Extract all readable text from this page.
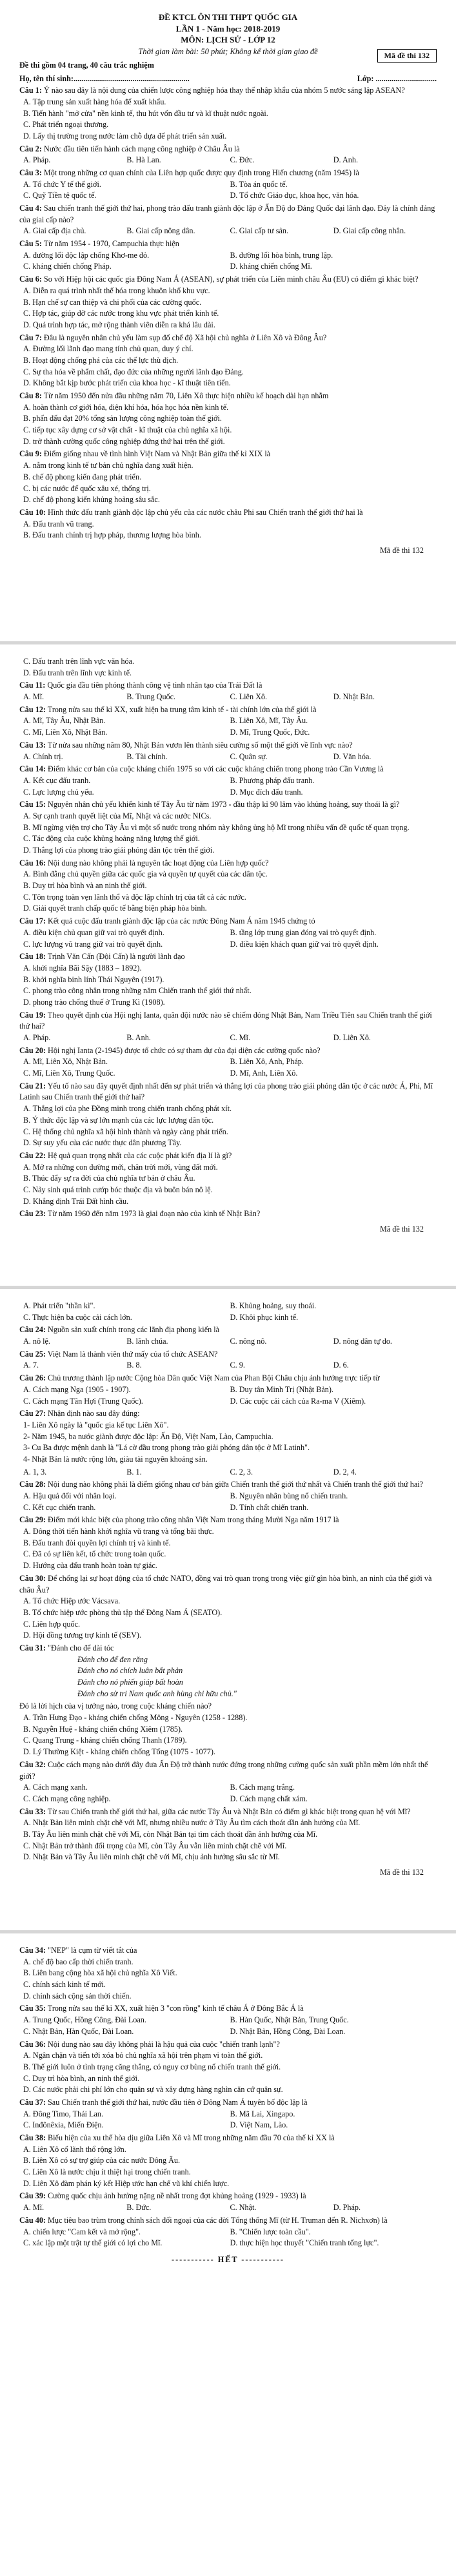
ĐỀ KTCL ÔN THI THPT QUỐC GIA
LẦN 1 - Năm học: 2018-2019
MÔN: LỊCH SỬ - LỚP 12
Thời gian làm bài: 50 phút; Không kể thời gian giao đề
Đề thi gồm 04 trang, 40 câu trắc nghiệm
Họ, tên thí sinh:...........................................................	Lớp: ...............................
Câu 1: Ý nào sau đây là nội dung của chiến lược công nghiệp hóa thay thế nhập khẩu của nhóm 5 nước sáng lập ASEAN?
A. Tập trung sản xuất hàng hóa để xuất khẩu.
B. Tiến hành "mở cửa" nền kinh tế, thu hút vốn đầu tư và kĩ thuật nước ngoài.
C. Phát triển ngoại thương.
D. Lấy thị trường trong nước làm chỗ dựa để phát triển sản xuất.
Câu 2: Nước đầu tiên tiến hành cách mạng công nghiệp ở Châu Âu là
A. Pháp.	B. Hà Lan.	C. Đức.	D. Anh.
Câu 3: Một trong những cơ quan chính của Liên hợp quốc được quy định trong Hiến chương (năm 1945) là
A. Tổ chức Y tế thế giới.	B. Tòa án quốc tế.
C. Quỹ Tiền tệ quốc tế.	D. Tổ chức Giáo dục, khoa học, văn hóa.
Câu 4: Sau chiến tranh thế giới thứ hai, phong trào đấu tranh giành độc lập ở Ấn Độ do Đảng Quốc đại lãnh đạo. Đảy là chính đảng của giai cấp nào?
A. Giai cấp địa chủ.	B. Giai cấp nông dân.	C. Giai cấp tư sản.	D. Giai cấp công nhân.
Câu 5: Từ năm 1954 - 1970, Campuchia thực hiện
A. đường lối độc lập chống Khơ-me đỏ.	B. đường lối hòa bình, trung lập.
C. kháng chiến chống Pháp.	D. kháng chiến chống Mĩ.
Câu 6: So với Hiệp hội các quốc gia Đông Nam Á (ASEAN), sự phát triển của Liên minh châu Âu (EU) có điểm gì khác biệt?
A. Diễn ra quá trình nhất thể hóa trong khuôn khổ khu vực.
B. Hạn chế sự can thiệp và chi phối của các cường quốc.
C. Hợp tác, giúp đỡ các nước trong khu vực phát triển kinh tế.
D. Quá trình hợp tác, mở rộng thành viên diễn ra khá lâu dài.
Câu 7: Đâu là nguyên nhân chủ yếu làm sụp đổ chế độ Xã hội chủ nghĩa ở Liên Xô và Đông Âu?
A. Đường lối lãnh đạo mang tính chủ quan, duy ý chí.
B. Hoạt động chống phá của các thế lực thù địch.
C. Sự tha hóa về phẩm chất, đạo đức của những người lãnh đạo Đảng.
D. Không bắt kịp bước phát triển của khoa học - kĩ thuật tiên tiến.
Câu 8: Từ năm 1950 đến nửa đầu những năm 70, Liên Xô thực hiện nhiều kế hoạch dài hạn nhằm
A. hoàn thành cơ giới hóa, điện khí hóa, hóa học hóa nền kinh tế.
B. phấn đấu đạt 20% tổng sản lượng công nghiệp toàn thế giới.
C. tiếp tục xây dựng cơ sở vật chất - kĩ thuật của chủ nghĩa xã hội.
D. trở thành cường quốc công nghiệp đứng thứ hai trên thế giới.
Câu 9: Điểm giống nhau về tình hình Việt Nam và Nhật Bản giữa thế kỉ XIX là
A. nằm trong kinh tế tư bản chủ nghĩa đang xuất hiện.
B. chế độ phong kiến đang phát triển.
C. bị các nước đế quốc xâu xé, thống trị.
D. chế độ phong kiến khủng hoảng sâu sắc.
Câu 10: Hình thức đấu tranh giành độc lập chủ yếu của các nước châu Phi sau Chiến tranh thế giới thứ hai là
A. Đấu tranh vũ trang.
B. Đấu tranh chính trị hợp pháp, thương lượng hòa bình.
Mã đề thi 132
Mã đề thi 132
C. Đấu tranh trên lĩnh vực văn hóa.
D. Đấu tranh trên lĩnh vực kinh tế.
Câu 11: Quốc gia đầu tiên phóng thành công vệ tinh nhân tạo của Trái Đất là
A. Mĩ.	B. Trung Quốc.	C. Liên Xô.	D. Nhật Bản.
Câu 12: Trong nửa sau thế kỉ XX, xuất hiện ba trung tâm kinh tế - tài chính lớn của thế giới là
A. Mĩ, Tây Âu, Nhật Bản.	B. Liên Xô, Mĩ, Tây Âu.
C. Mĩ, Liên Xô, Nhật Bản.	D. Mĩ, Trung Quốc, Đức.
Câu 13: Từ nửa sau những năm 80, Nhật Bản vươn lên thành siêu cường số một thế giới về lĩnh vực nào?
A. Chính trị.	B. Tài chính.	C. Quân sự.	D. Văn hóa.
Câu 14: Điểm khác cơ bản của cuộc kháng chiến 1975 so với các cuộc kháng chiến trong phong trào Cần Vương là
A. Kết cục đấu tranh.	B. Phương pháp đấu tranh.
C. Lực lượng chủ yếu.	D. Mục đích đấu tranh.
Câu 15: Nguyên nhân chủ yếu khiến kinh tế Tây Âu từ năm 1973 - đầu thập kỉ 90 lâm vào khủng hoảng, suy thoái là gì?
A. Sự cạnh tranh quyết liệt của Mĩ, Nhật và các nước NICs.
B. Mĩ ngừng viện trợ cho Tây Âu vì một số nước trong nhóm này không ủng hộ Mĩ trong nhiều vấn đề quốc tế quan trọng.
C. Tác động của cuộc khủng hoảng năng lượng thế giới.
D. Thắng lợi của phong trào giải phóng dân tộc trên thế giới.
Câu 16: Nội dung nào không phải là nguyên tắc hoạt động của Liên hợp quốc?
A. Bình đẳng chủ quyền giữa các quốc gia và quyền tự quyết của các dân tộc.
B. Duy trì hòa bình và an ninh thế giới.
C. Tôn trọng toàn vẹn lãnh thổ và độc lập chính trị của tất cả các nước.
D. Giải quyết tranh chấp quốc tế bằng biện pháp hòa bình.
Câu 17: Kết quả cuộc đấu tranh giành độc lập của các nước Đông Nam Á năm 1945 chứng tỏ
A. điều kiện chủ quan giữ vai trò quyết định.	B. tầng lớp trung gian đóng vai trò quyết định.
C. lực lượng vũ trang giữ vai trò quyết định.	D. điều kiện khách quan giữ vai trò quyết định.
Câu 18: Trịnh Văn Cấn (Đội Cấn) là người lãnh đạo
A. khởi nghĩa Bãi Sậy (1883 – 1892).
B. khởi nghĩa binh lính Thái Nguyên (1917).
C. phong trào công nhân trong những năm Chiến tranh thế giới thứ nhất.
D. phong trào chống thuế ở Trung Kì (1908).
Câu 19: Theo quyết định của Hội nghị Ianta, quân đội nước nào sẽ chiếm đóng Nhật Bản, Nam Triều Tiên sau Chiến tranh thế giới thứ hai?
A. Pháp.	B. Anh.	C. Mĩ.	D. Liên Xô.
Câu 20: Hội nghị Ianta (2-1945) được tổ chức có sự tham dự của đại diện các cường quốc nào?
A. Mĩ, Liên Xô, Nhật Bản.	B. Liên Xô, Anh, Pháp.
C. Mĩ, Liên Xô, Trung Quốc.	D. Mĩ, Anh, Liên Xô.
Câu 21: Yếu tố nào sau đây quyết định nhất đến sự phát triển và thắng lợi của phong trào giải phóng dân tộc ở các nước Á, Phi, Mĩ Latinh sau Chiến tranh thế giới thứ hai?
A. Thắng lợi của phe Đồng minh trong chiến tranh chống phát xít.
B. Ý thức độc lập và sự lớn mạnh của các lực lượng dân tộc.
C. Hệ thống chủ nghĩa xã hội hình thành và ngày càng phát triển.
D. Sự suy yếu của các nước thực dân phương Tây.
Câu 22: Hệ quả quan trọng nhất của các cuộc phát kiến địa lí là gì?
A. Mở ra những con đường mới, chân trời mới, vùng đất mới.
B. Thúc đẩy sự ra đời của chủ nghĩa tư bản ở châu Âu.
C. Nảy sinh quá trình cướp bóc thuộc địa và buôn bán nô lệ.
D. Khẳng định Trái Đất hình cầu.
Câu 23: Từ năm 1960 đến năm 1973 là giai đoạn nào của kinh tế Nhật Bản?
Mã đề thi 132
A. Phát triển "thần kì".	B. Khủng hoảng, suy thoái.
C. Thực hiện ba cuộc cải cách lớn.	D. Khôi phục kinh tế.
Câu 24: Nguồn sản xuất chính trong các lãnh địa phong kiến là
A. nô lệ.	B. lãnh chúa.	C. nông nô.	D. nông dân tự do.
Câu 25: Việt Nam là thành viên thứ mấy của tổ chức ASEAN?
A. 7.	B. 8.	C. 9.	D. 6.
Câu 26: Chủ trương thành lập nước Cộng hòa Dân quốc Việt Nam của Phan Bội Châu chịu ảnh hưởng trực tiếp từ
A. Cách mạng Nga (1905 - 1907).	B. Duy tân Minh Trị (Nhật Bản).
C. Cách mạng Tân Hợi (Trung Quốc).	D. Các cuộc cải cách của Ra-ma V (Xiêm).
Câu 27: Nhận định nào sau đây đúng:
1- Liên Xô ngày là "quốc gia kế tục Liên Xô".
2- Năm 1945, ba nước giành được độc lập: Ấn Độ, Việt Nam, Lào, Campuchia.
3- Cu Ba được mệnh danh là "Lá cờ đầu trong phong trào giải phóng dân tộc ở Mĩ Latinh".
4- Nhật Bản là nước rộng lớn, giàu tài nguyên khoáng sản.
A. 1, 3.	B. 1.	C. 2, 3.	D. 2, 4.
Câu 28: Nội dung nào không phải là điểm giống nhau cơ bản giữa Chiến tranh thế giới thứ nhất và Chiến tranh thế giới thứ hai?
A. Hậu quả đối với nhân loại.	B. Nguyên nhân bùng nổ chiến tranh.
C. Kết cục chiến tranh.	D. Tính chất chiến tranh.
Câu 29: Điểm mới khác biệt của phong trào công nhân Việt Nam trong tháng Mười Nga năm 1917 là
A. Đông thời tiến hành khởi nghĩa vũ trang và tổng bãi thực.
B. Đấu tranh đòi quyền lợi chính trị và kinh tế.
C. Đã có sự liên kết, tổ chức trong toàn quốc.
D. Hướng của đấu tranh hoàn toàn tự giác.
Câu 30: Để chống lại sự hoạt động của tổ chức NATO, đồng vai trò quan trọng trong việc giữ gìn hòa bình, an ninh của thế giới và châu Âu?
A. Tổ chức Hiệp ước Vácsava.
B. Tổ chức hiệp ước phòng thủ tập thể Đông Nam Á (SEATO).
C. Liên hợp quốc.
D. Hội đồng tương trợ kinh tế (SEV).
Câu 31: "Đánh cho để dài tóc
Đánh cho để đen răng
Đánh cho nó chích luân bất phản
Đánh cho nó phiến giáp bất hoàn
Đánh cho sử tri Nam quốc anh hùng chi hữu chủ."
Đó là lời hịch của vị tướng nào, trong cuộc kháng chiến nào?
A. Trần Hưng Đạo - kháng chiến chống Mông - Nguyên (1258 - 1288).
B. Nguyễn Huệ - kháng chiến chống Xiêm (1785).
C. Quang Trung - kháng chiến chống Thanh (1789).
D. Lý Thường Kiệt - kháng chiến chống Tống (1075 - 1077).
Câu 32: Cuộc cách mạng nào dưới đây đưa Ấn Độ trở thành nước đứng trong những cường quốc sản xuất phần mềm lớn nhất thế giới?
A. Cách mạng xanh.	B. Cách mạng trắng.
C. Cách mạng công nghiệp.	D. Cách mạng chất xám.
Câu 33: Từ sau Chiến tranh thế giới thứ hai, giữa các nước Tây Âu và Nhật Bản có điểm gì khác biệt trong quan hệ với Mĩ?
A. Nhật Bản liên minh chặt chẽ với Mĩ, nhưng nhiều nước ở Tây Âu tìm cách thoát dần ảnh hưởng của Mĩ.
B. Tây Âu liên minh chặt chẽ với Mĩ, còn Nhật Bản tại tìm cách thoát dần ảnh hưởng của Mĩ.
C. Nhật Bản trở thành đối trọng của Mĩ, còn Tây Âu vẫn liên minh chặt chẽ với Mĩ.
D. Nhật Bản và Tây Âu liên minh chặt chẽ với Mĩ, chịu ảnh hưởng sâu sắc từ Mĩ.
Mã đề thi 132
Câu 34: "NEP" là cụm từ viết tắt của
A. chế độ bao cấp thời chiến tranh.
B. Liên bang cộng hòa xã hội chủ nghĩa Xô Viết.
C. chính sách kinh tế mới.
D. chính sách cộng sản thời chiến.
Câu 35: Trong nửa sau thế kỉ XX, xuất hiện 3 "con rồng" kinh tế châu Á ở Đông Bắc Á là
A. Trung Quốc, Hồng Công, Đài Loan.	B. Hàn Quốc, Nhật Bản, Trung Quốc.
C. Nhật Bản, Hàn Quốc, Đài Loan.	D. Nhật Bản, Hồng Công, Đài Loan.
Câu 36: Nội dung nào sau đây không phải là hậu quả của cuộc "chiến tranh lạnh"?
A. Ngân chặn và tiến tới xóa bỏ chủ nghĩa xã hội trên phạm vi toàn thế giới.
B. Thế giới luôn ở tình trạng căng thẳng, có nguy cơ bùng nổ chiến tranh thế giới.
C. Duy trì hòa bình, an ninh thế giới.
D. Các nước phải chi phí lớn cho quân sự và xây dựng hàng nghìn căn cứ quân sự.
Câu 37: Sau Chiến tranh thế giới thứ hai, nước đầu tiên ở Đông Nam Á tuyên bố độc lập là
A. Đông Timo, Thái Lan.	B. Mã Lai, Xingapo.
C. Inđônêxia, Miến Điện.	D. Việt Nam, Lào.
Câu 38: Biểu hiện của xu thế hòa dịu giữa Liên Xô và Mĩ trong những năm đầu 70 của thế kỉ XX là
A. Liên Xô cố lãnh thổ rộng lớn.
B. Liên Xô có sự trợ giúp của các nước Đông Âu.
C. Liên Xô là nước chịu ít thiệt hại trong chiến tranh.
D. Liên Xô đàm phán ký kết Hiệp ước hạn chế vũ khí chiến lược.
Câu 39: Cường quốc chịu ảnh hưởng nặng nề nhất trong đợt khủng hoảng (1929 - 1933) là
A. Mĩ.	B. Đức.	C. Nhật.	D. Pháp.
Câu 40: Mục tiêu bao trùm trong chính sách đối ngoại của các đời Tổng thống Mĩ (từ H. Truman đến R. Nichxơn) là
A. chiến lược "Cam kết và mở rộng".	B. "Chiến lược toàn cầu".
C. xác lập một trật tự thế giới có lợi cho Mĩ.	D. thực hiện học thuyết "Chiến tranh tổng lực".
----------- HẾT -----------
